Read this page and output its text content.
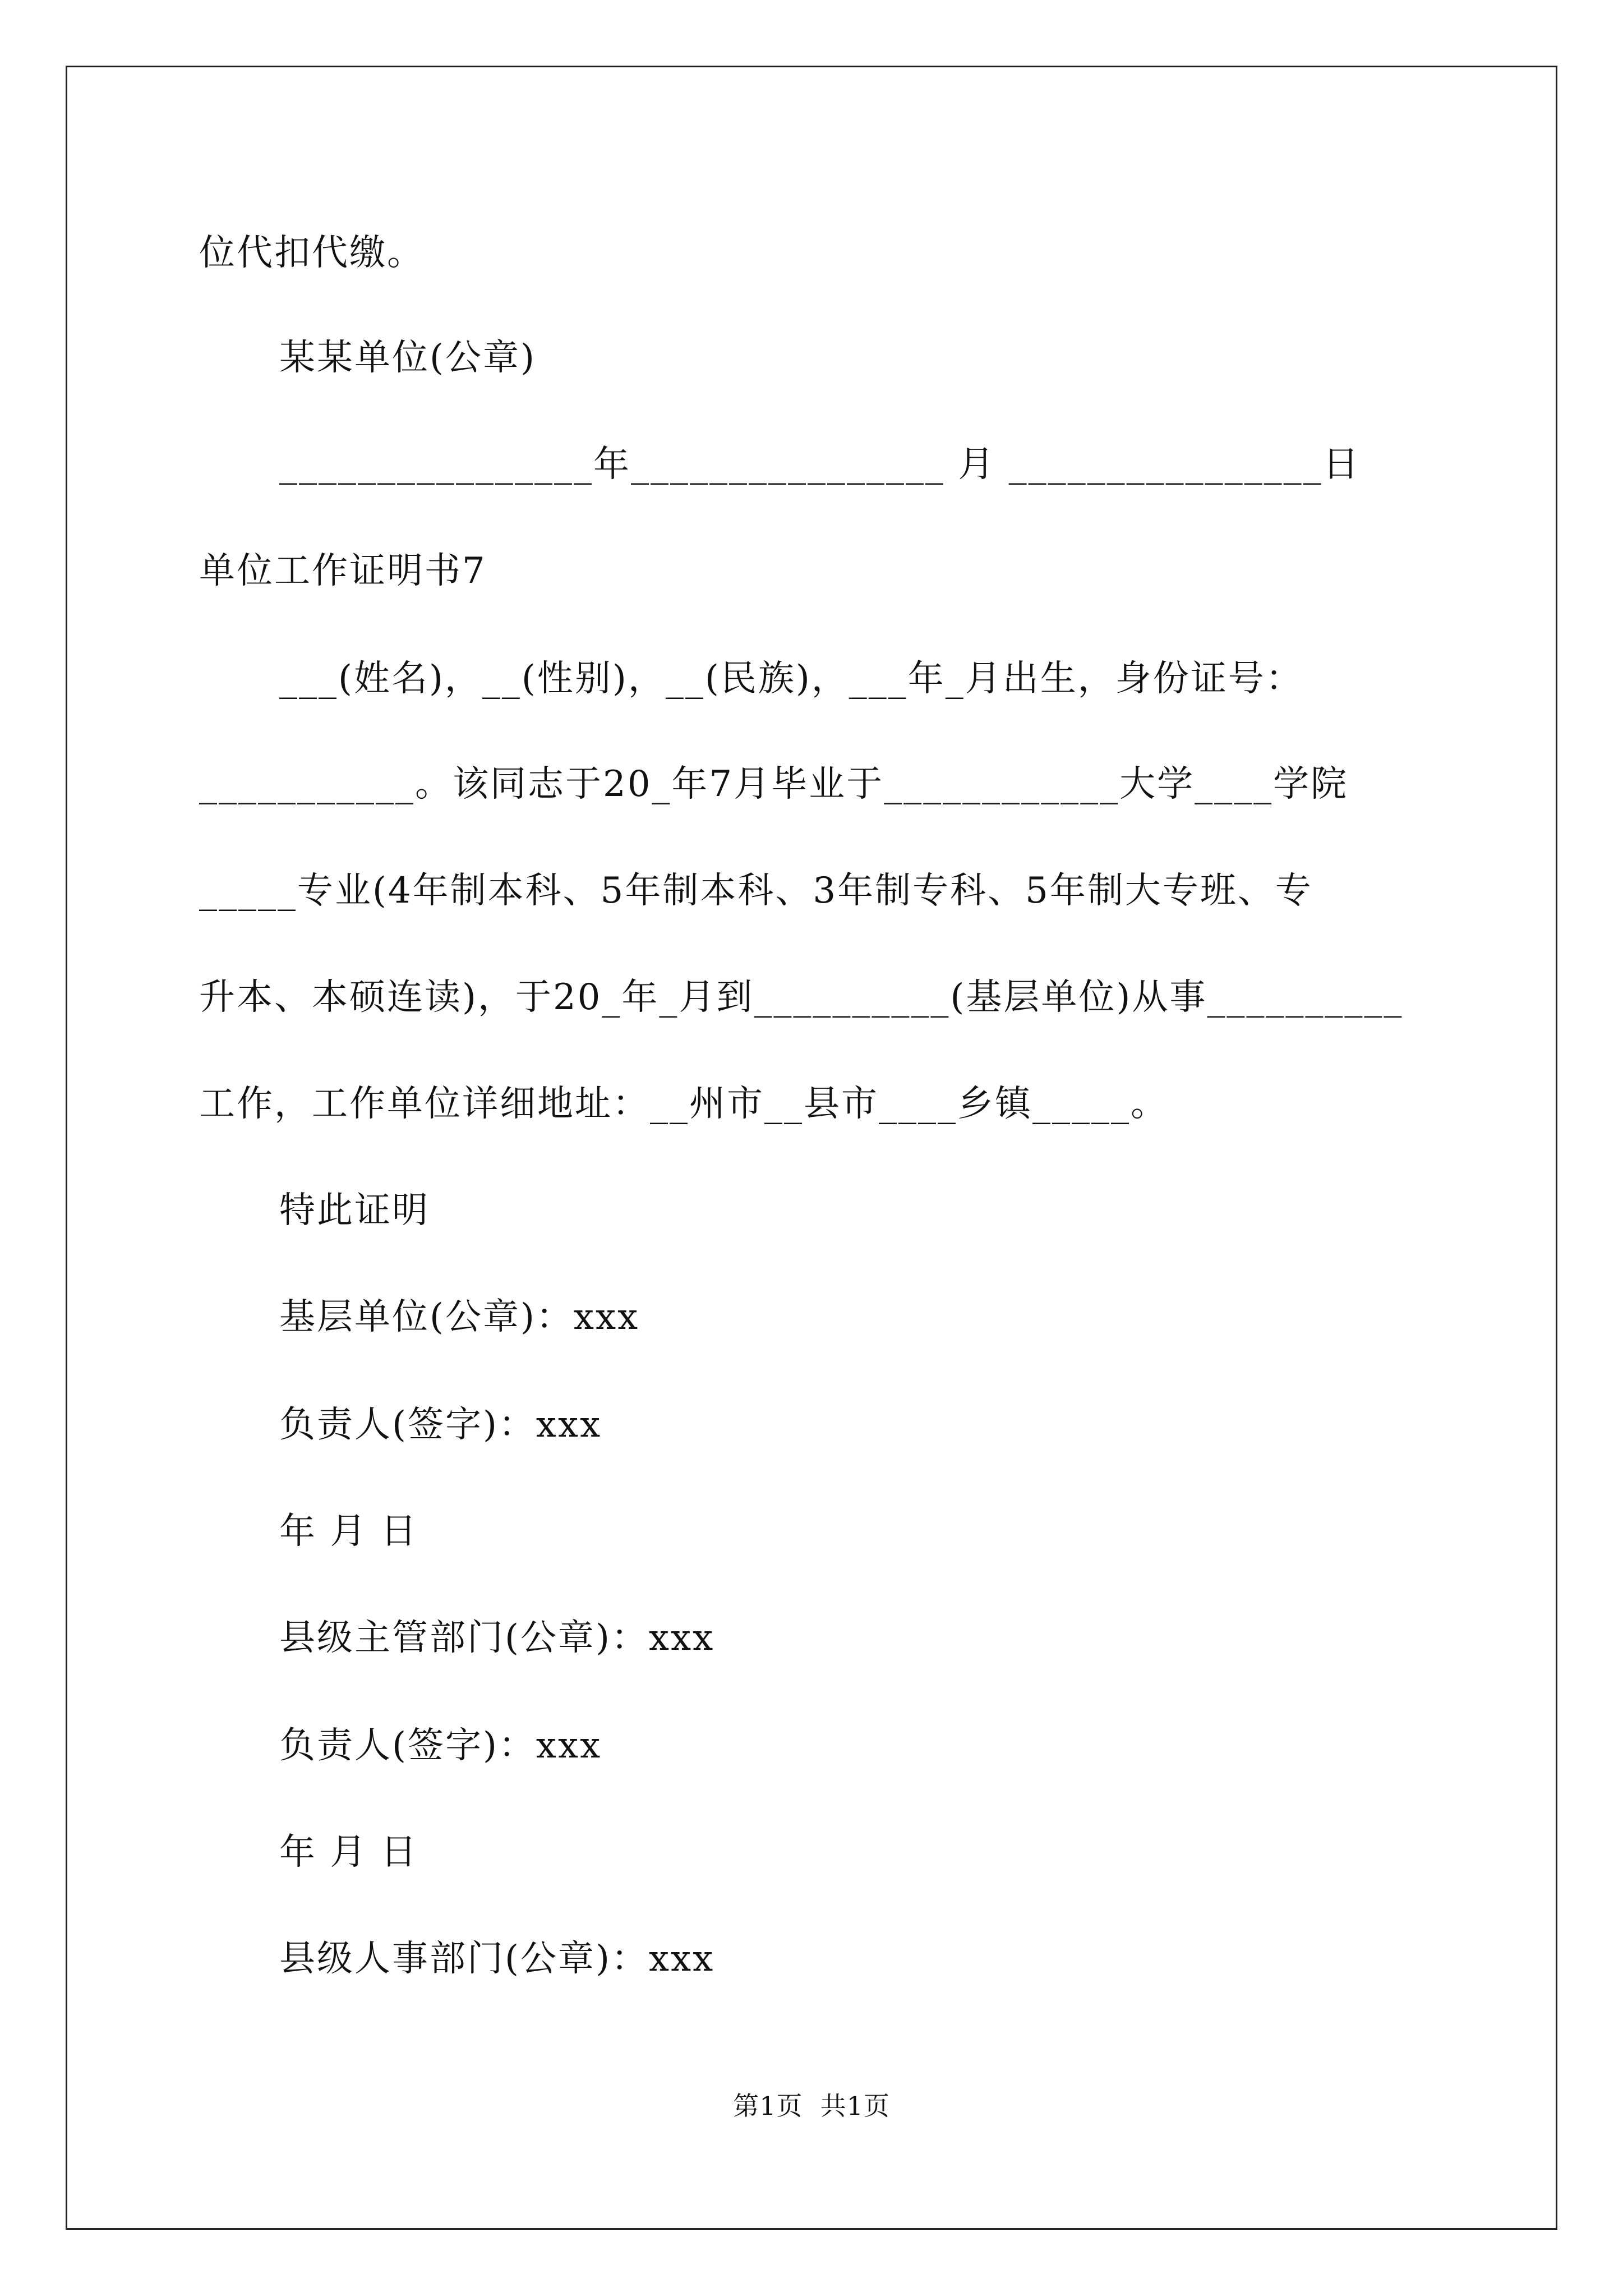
位代扣代缴。
某某单位(公章)
________________年________________ 月 ________________日
单位工作证明书7
___(姓名)，__(性别)，__(民族)，___年_月出生，身份证号：
___________。该同志于20_年7月毕业于____________大学____学院
_____专业(4年制本科、5年制本科、3年制专科、5年制大专班、专
升本、本硕连读)，于20_年_月到__________(基层单位)从事__________
工作，工作单位详细地址：__州市__县市____乡镇_____。
特此证明
基层单位(公章)：xxx
负责人(签字)：xxx
年 月 日
县级主管部门(公章)：xxx
负责人(签字)：xxx
年 月 日
县级人事部门(公章)：xxx
第1页  共1页
